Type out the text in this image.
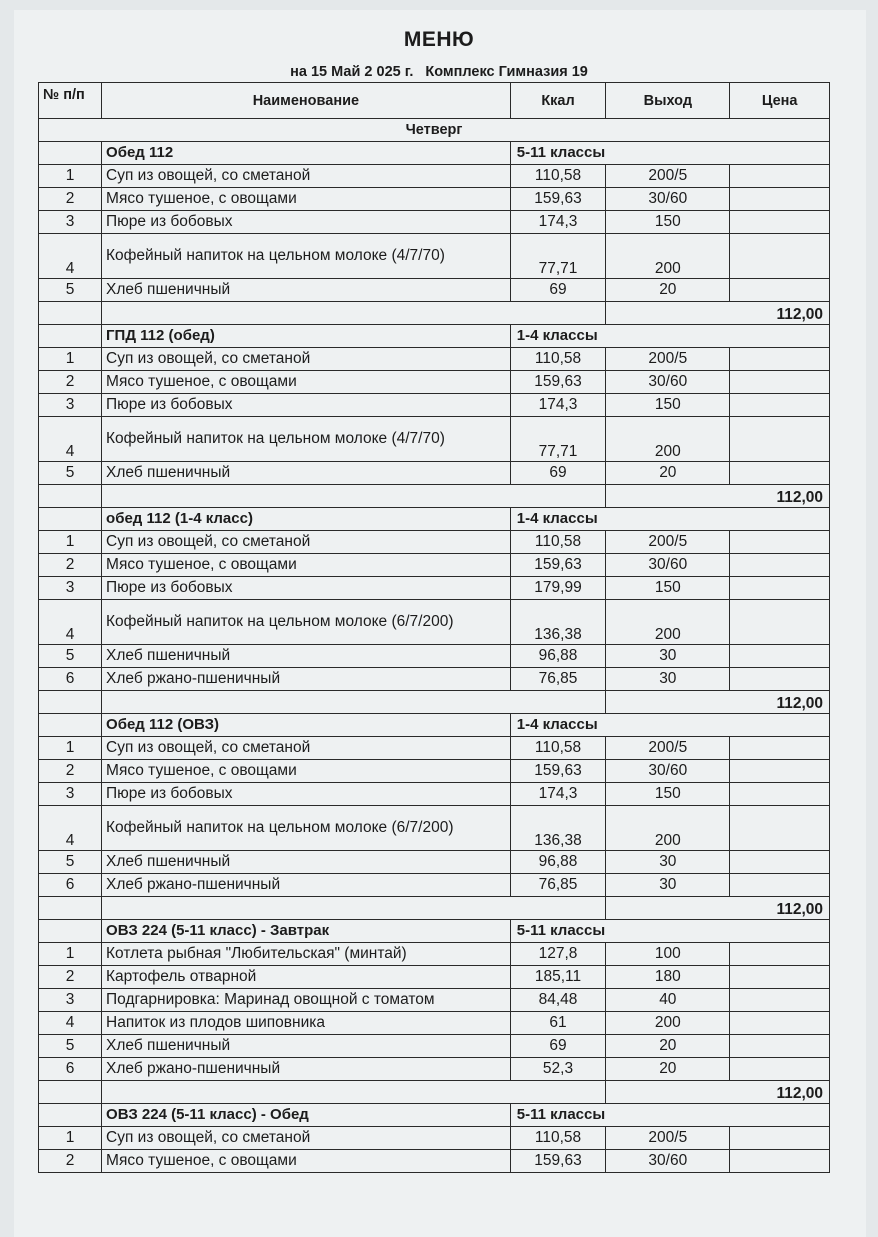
МЕНЮ
на 15 Май 2 025 г. Комплекс Гимназия 19
№ п/п	Наименование	Ккал	Выход	Цена
Четверг				
	Обед 112	5-11 классы		
1	Суп из овощей, со сметаной	110,58	200/5	
2	Мясо тушеное, с овощами	159,63	30/60	
3	Пюре из бобовых	174,3	150	
4	Кофейный напиток на цельном молоке (4/7/70)	77,71	200	
5	Хлеб пшеничный	69	20	
			112,00	
	ГПД 112 (обед)	1-4 классы		
1	Суп из овощей, со сметаной	110,58	200/5	
2	Мясо тушеное, с овощами	159,63	30/60	
3	Пюре из бобовых	174,3	150	
4	Кофейный напиток на цельном молоке (4/7/70)	77,71	200	
5	Хлеб пшеничный	69	20	
			112,00	
	обед 112 (1-4 класс)	1-4 классы		
1	Суп из овощей, со сметаной	110,58	200/5	
2	Мясо тушеное, с овощами	159,63	30/60	
3	Пюре из бобовых	179,99	150	
4	Кофейный напиток на цельном молоке (6/7/200)	136,38	200	
5	Хлеб пшеничный	96,88	30	
6	Хлеб ржано-пшеничный	76,85	30	
			112,00	
	Обед 112 (ОВЗ)	1-4 классы		
1	Суп из овощей, со сметаной	110,58	200/5	
2	Мясо тушеное, с овощами	159,63	30/60	
3	Пюре из бобовых	174,3	150	
4	Кофейный напиток на цельном молоке (6/7/200)	136,38	200	
5	Хлеб пшеничный	96,88	30	
6	Хлеб ржано-пшеничный	76,85	30	
			112,00	
	ОВЗ 224 (5-11 класс) - Завтрак	5-11 классы		
1	Котлета рыбная "Любительская" (минтай)	127,8	100	
2	Картофель отварной	185,11	180	
3	Подгарнировка: Маринад овощной с томатом	84,48	40	
4	Напиток из плодов шиповника	61	200	
5	Хлеб пшеничный	69	20	
6	Хлеб ржано-пшеничный	52,3	20	
			112,00	
	ОВЗ 224 (5-11 класс) - Обед	5-11 классы		
1	Суп из овощей, со сметаной	110,58	200/5	
2	Мясо тушеное, с овощами	159,63	30/60	
